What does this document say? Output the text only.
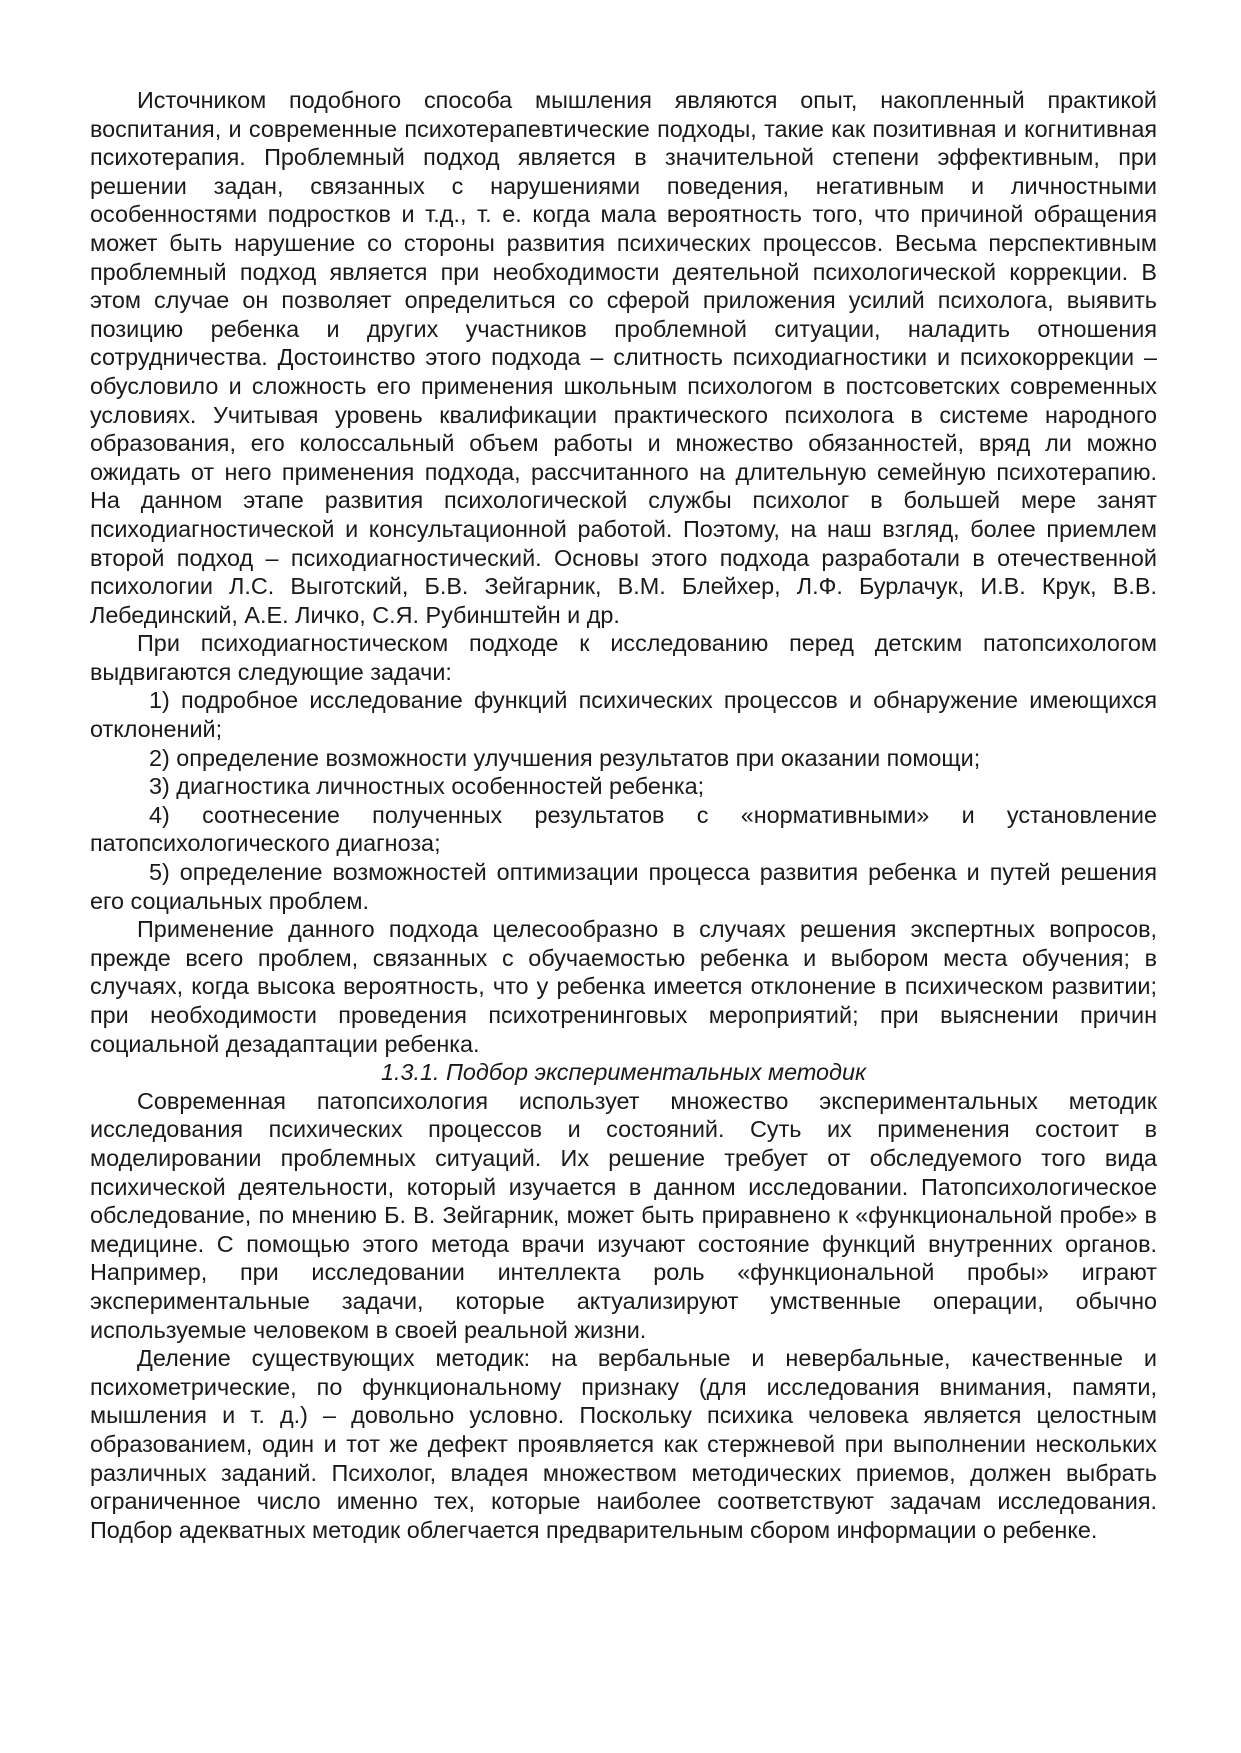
Источником подобного способа мышления являются опыт, накопленный практикой воспитания, и современные психотерапевтические подходы, такие как позитивная и когнитивная психотерапия. Проблемный подход является в значительной степени эффективным, при решении задан, связанных с нарушениями поведения, негативным и личностными особенностями подростков и т.д., т. е. когда мала вероятность того, что причиной обращения может быть нарушение со стороны развития психических процессов. Весьма перспективным проблемный подход является при необходимости деятельной психологической коррекции. В этом случае он позволяет определиться со сферой приложения усилий психолога, выявить позицию ребенка и других участников проблемной ситуации, наладить отношения сотрудничества. Достоинство этого подхода – слитность психодиагностики и психокоррекции – обусловило и сложность его применения школьным психологом в постсоветских современных условиях. Учитывая уровень квалификации практического психолога в системе народного образования, его колоссальный объем работы и множество обязанностей, вряд ли можно ожидать от него применения подхода, рассчитанного на длительную семейную психотерапию. На данном этапе развития психологической службы психолог в большей мере занят психодиагностической и консультационной работой. Поэтому, на наш взгляд, более приемлем второй подход – психодиагностический. Основы этого подхода разработали в отечественной психологии Л.С. Выготский, Б.В. Зейгарник, В.М. Блейхер, Л.Ф. Бурлачук, И.В. Крук, В.В. Лебединский, А.Е. Личко, С.Я. Рубинштейн и др.

При психодиагностическом подходе к исследованию перед детским патопсихологом выдвигаются следующие задачи:

1) подробное исследование функций психических процессов и обнаружение имеющихся отклонений;

2) определение возможности улучшения результатов при оказании помощи;

3) диагностика личностных особенностей ребенка;

4) соотнесение полученных результатов с «нормативными» и установление патопсихологического диагноза;

5) определение возможностей оптимизации процесса развития ребенка и путей решения его социальных проблем.

Применение данного подхода целесообразно в случаях решения экспертных вопросов, прежде всего проблем, связанных с обучаемостью ребенка и выбором места обучения; в случаях, когда высока вероятность, что у ребенка имеется отклонение в психическом развитии; при необходимости проведения психотренинговых мероприятий; при выяснении причин социальной дезадаптации ребенка.

1.3.1. Подбор экспериментальных методик

Современная патопсихология использует множество экспериментальных методик исследования психических процессов и состояний. Суть их применения состоит в моделировании проблемных ситуаций. Их решение требует от обследуемого того вида психической деятельности, который изучается в данном исследовании. Патопсихологическое обследование, по мнению Б. В. Зейгарник, может быть приравнено к «функциональной пробе» в медицине. С помощью этого метода врачи изучают состояние функций внутренних органов. Например, при исследовании интеллекта роль «функциональной пробы» играют экспериментальные задачи, которые актуализируют умственные операции, обычно используемые человеком в своей реальной жизни.

Деление существующих методик: на вербальные и невербальные, качественные и психометрические, по функциональному признаку (для исследования внимания, памяти, мышления и т. д.) – довольно условно. Поскольку психика человека является целостным образованием, один и тот же дефект проявляется как стержневой при выполнении нескольких различных заданий. Психолог, владея множеством методических приемов, должен выбрать ограниченное число именно тех, которые наиболее соответствуют задачам исследования. Подбор адекватных методик облегчается предварительным сбором информации о ребенке.
